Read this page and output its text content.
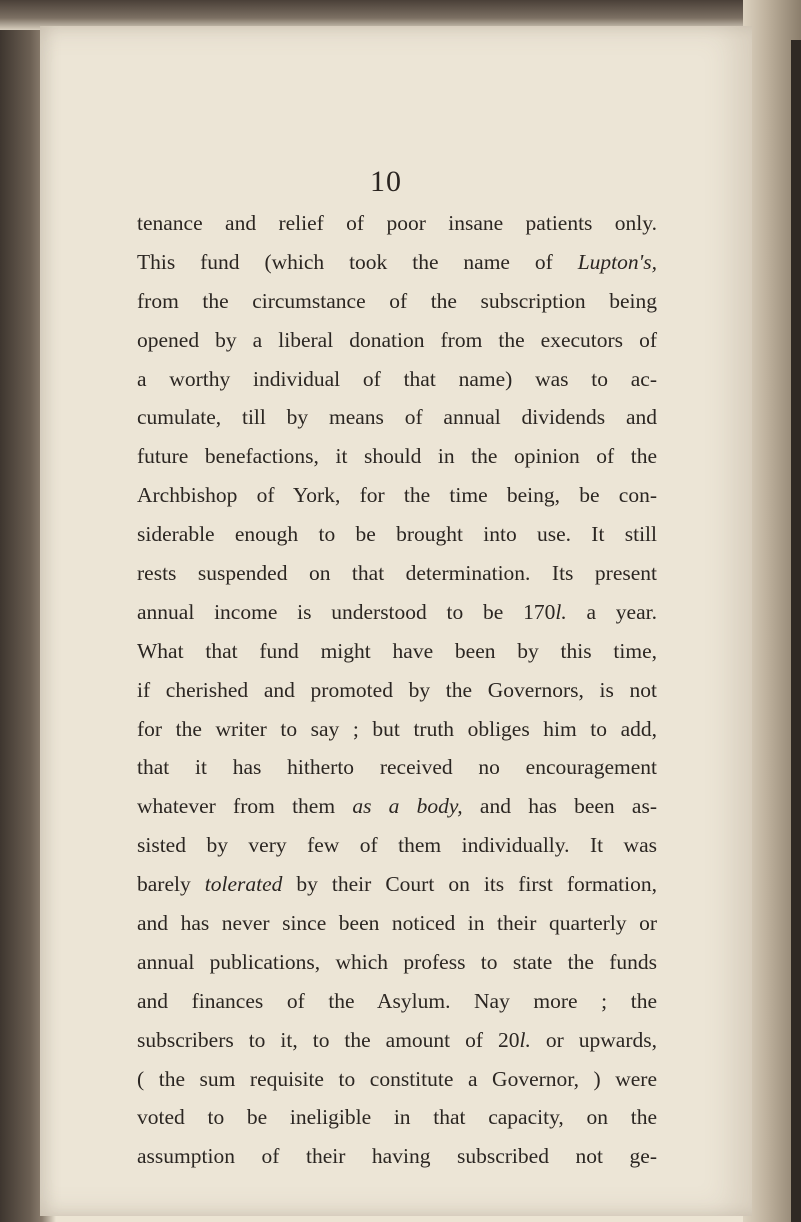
10
tenance and relief of poor insane patients only.
This fund (which took the name of Lupton's,
from the circumstance of the subscription being
opened by a liberal donation from the executors of
a worthy individual of that name) was to ac-
cumulate, till by means of annual dividends and
future benefactions, it should in the opinion of the
Archbishop of York, for the time being, be con-
siderable enough to be brought into use. It still
rests suspended on that determination. Its present
annual income is understood to be 170l. a year.
What that fund might have been by this time,
if cherished and promoted by the Governors, is not
for the writer to say ; but truth obliges him to add,
that it has hitherto received no encouragement
whatever from them as a body, and has been as-
sisted by very few of them individually. It was
barely tolerated by their Court on its first formation,
and has never since been noticed in their quarterly or
annual publications, which profess to state the funds
and finances of the Asylum. Nay more ; the
subscribers to it, to the amount of 20l. or upwards,
( the sum requisite to constitute a Governor, ) were
voted to be ineligible in that capacity, on the
assumption of their having subscribed not ge-
